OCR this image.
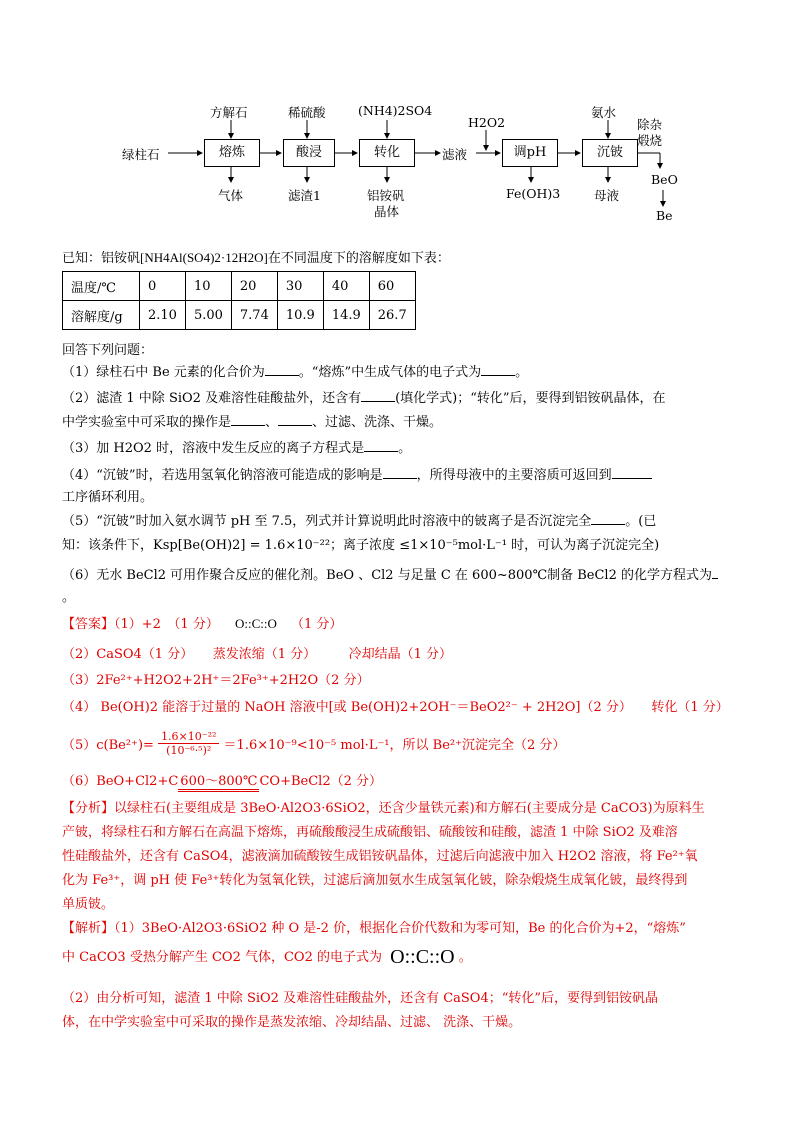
绿柱石	熔炼	酸浸	转化	调pH	沉铍
方解石	稀硫酸	(NH4)2SO4
H2O2
氨水
滤液
除杂
煅烧
气体	滤渣1	铝铵矾
晶体
Fe(OH)3	母液
BeO
Be
已知：铝铵矾[NH4Al(SO4)2·12H2O]在不同温度下的溶解度如下表：
温度/℃	0	10	20	30	40	60
溶解度/g	2.10	5.00	7.74	10.9	14.9	26.7
回答下列问题：
（1）绿柱石中 Be 元素的化合价为	。“熔炼”中生成气体的电子式为	。
（2）滤渣 1 中除 SiO2 及难溶性硅酸盐外，还含有	(填化学式)；“转化”后，要得到铝铵矾晶体，在
中学实验室中可采取的操作是	、	、过滤、洗涤、干燥。
（3）加 H2O2 时，溶液中发生反应的离子方程式是	。
（4）“沉铍”时，若选用氢氧化钠溶液可能造成的影响是	，所得母液中的主要溶质可返回到
工序循环利用。
（5）“沉铍”时加入氨水调节 pH 至 7.5，列式并计算说明此时溶液中的铍离子是否沉淀完全	。(已
知：该条件下，Ksp[Be(OH)2] = 1.6×10⁻²²；离子浓度 ≤1×10⁻⁵mol·L⁻¹ 时，可认为离子沉淀完全)
（6）无水 BeCl2 可用作聚合反应的催化剂。BeO 、Cl2 与足量 C 在 600~800℃制备 BeCl2 的化学方程式为
。
【答案】（1）+2　（1 分） O::C::O （1 分）
（2）CaSO4（1 分）　　蒸发浓缩（1 分）　　　冷却结晶（1 分）
（3）2Fe²⁺+H2O2+2H⁺＝2Fe³⁺+2H2O（2 分）
（4） Be(OH)2 能溶于过量的 NaOH 溶液中[或 Be(OH)2+2OH⁻＝BeO2²⁻ + 2H2O]（2 分）　　转化（1 分）
$(5)c(Be^{2+})= \frac{\text{1.6×10⁻²²}}{\text{(10⁻⁶·⁵)²}} =1.6\times 10^{-9}<10^{-5}$ mol·L⁻¹，所以 Be²⁺沉淀完全（2 分）
（6）BeO+Cl2+C 600～800℃ CO+BeCl2（2 分）
【分析】以绿柱石(主要组成是 3BeO·Al2O3·6SiO2，还含少量铁元素)和方解石(主要成分是 CaCO3)为原料生
产铍，将绿柱石和方解石在高温下熔炼，再硫酸酸浸生成硫酸铝、硫酸铵和硅酸，滤渣 1 中除 SiO2 及难溶
性硅酸盐外，还含有 CaSO4，滤液滴加硫酸铵生成铝铵矾晶体，过滤后向滤液中加入 H2O2 溶液，将 Fe²⁺氧
化为 Fe³⁺，调 pH 使 Fe³⁺转化为氢氧化铁，过滤后滴加氨水生成氢氧化铍，除杂煅烧生成氧化铍，最终得到
单质铍。
【解析】（1）3BeO·Al2O3·6SiO2 种 O 是-2 价，根据化合价代数和为零可知，Be 的化合价为+2，“熔炼”
中 CaCO3 受热分解产生 CO2 气体，CO2 的电子式为 O::C::O 。
（2）由分析可知，滤渣 1 中除 SiO2 及难溶性硅酸盐外，还含有 CaSO4；“转化”后，要得到铝铵矾晶
体，在中学实验室中可采取的操作是蒸发浓缩、冷却结晶、过滤、 洗涤、干燥。
